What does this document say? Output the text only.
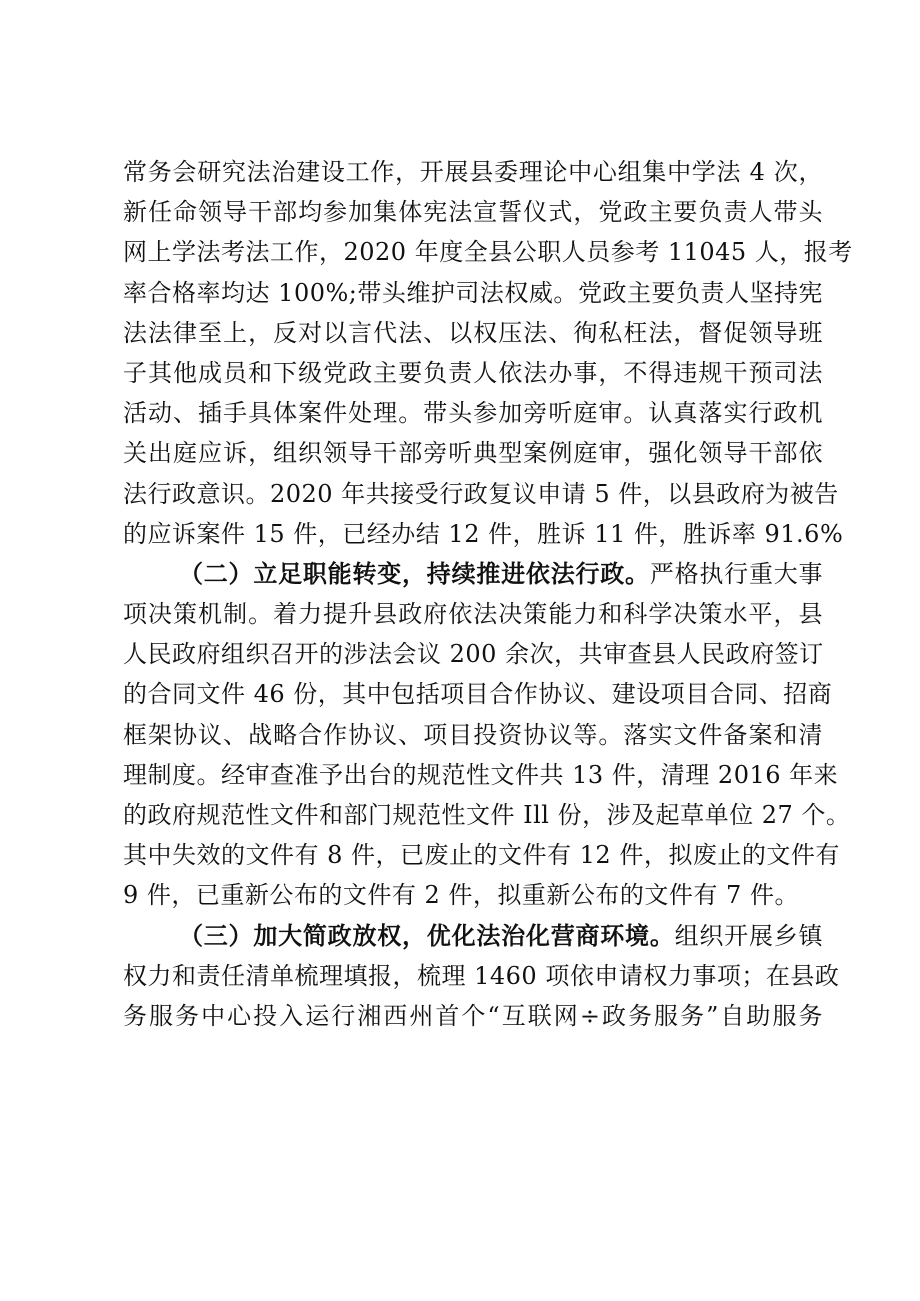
常务会研究法治建设工作，开展县委理论中心组集中学法 4 次，

新任命领导干部均参加集体宪法宣誓仪式，党政主要负责人带头

网上学法考法工作，2020 年度全县公职人员参考 11045 人，报考

率合格率均达 100%;带头维护司法权威。党政主要负责人坚持宪

法法律至上，反对以言代法、以权压法、徇私枉法，督促领导班

子其他成员和下级党政主要负责人依法办事，不得违规干预司法

活动、插手具体案件处理。带头参加旁听庭审。认真落实行政机

关出庭应诉，组织领导干部旁听典型案例庭审，强化领导干部依

法行政意识。2020 年共接受行政复议申请 5 件，以县政府为被告

的应诉案件 15 件，已经办结 12 件，胜诉 11 件，胜诉率 91.6%

（二）立足职能转变，持续推进依法行政。严格执行重大事

项决策机制。着力提升县政府依法决策能力和科学决策水平，县

人民政府组织召开的涉法会议 200 余次，共审查县人民政府签订

的合同文件 46 份，其中包括项目合作协议、建设项目合同、招商

框架协议、战略合作协议、项目投资协议等。落实文件备案和清

理制度。经审查准予出台的规范性文件共 13 件，清理 2016 年来

的政府规范性文件和部门规范性文件 Ill 份，涉及起草单位 27 个。

其中失效的文件有 8 件，已废止的文件有 12 件，拟废止的文件有

9 件，已重新公布的文件有 2 件，拟重新公布的文件有 7 件。

（三）加大简政放权，优化法治化营商环境。组织开展乡镇

权力和责任清单梳理填报，梳理 1460 项依申请权力事项；在县政

务服务中心投入运行湘西州首个“互联网÷政务服务”自助服务
